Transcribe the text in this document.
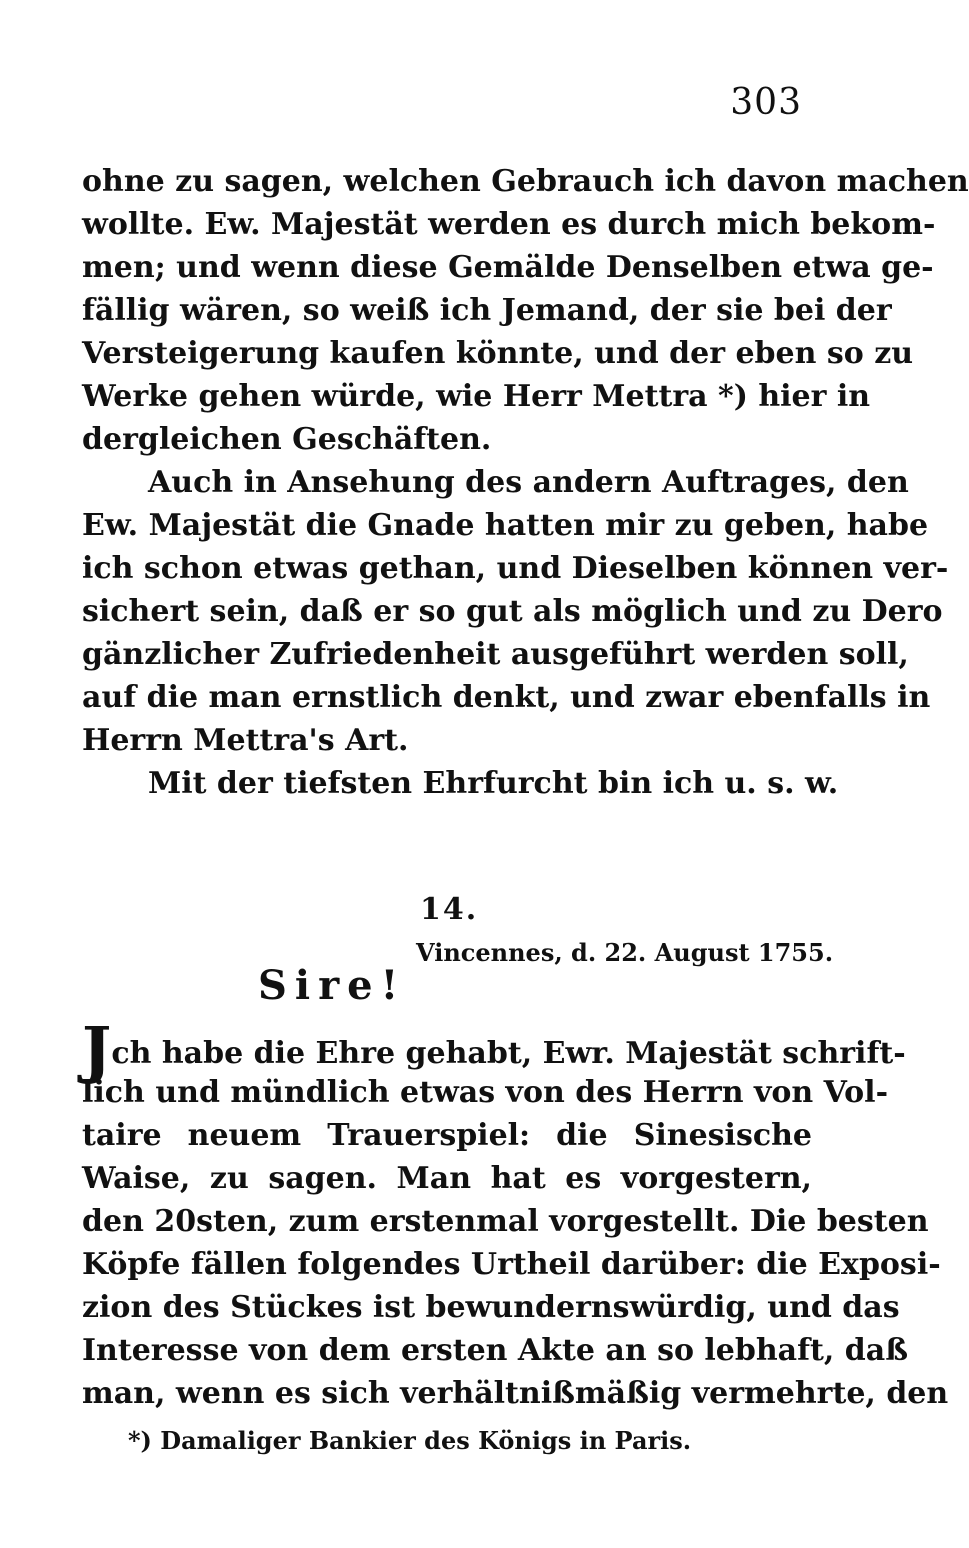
303
ohne zu sagen, welchen Gebrauch ich davon machen
wollte. Ew. Majestät werden es durch mich bekom-
men; und wenn diese Gemälde Denselben etwa ge-
fällig wären, so weiß ich Jemand, der sie bei der
Versteigerung kaufen könnte, und der eben so zu
Werke gehen würde, wie Herr Mettra *) hier in
dergleichen Geschäften.
Auch in Ansehung des andern Auftrages, den
Ew. Majestät die Gnade hatten mir zu geben, habe
ich schon etwas gethan, und Dieselben können ver-
sichert sein, daß er so gut als möglich und zu Dero
gänzlicher Zufriedenheit ausgeführt werden soll,
auf die man ernstlich denkt, und zwar ebenfalls in
Herrn Mettra's Art.
Mit der tiefsten Ehrfurcht bin ich u. s. w.
14.
Vincennes, d. 22. August 1755.
Sire!
Jch habe die Ehre gehabt, Ewr. Majestät schrift-
lich und mündlich etwas von des Herrn von Vol-
taire neuem Trauerspiel: die Sinesische
Waise, zu sagen. Man hat es vorgestern,
den 20sten, zum erstenmal vorgestellt. Die besten
Köpfe fällen folgendes Urtheil darüber: die Exposi-
zion des Stückes ist bewundernswürdig, und das
Interesse von dem ersten Akte an so lebhaft, daß
man, wenn es sich verhältnißmäßig vermehrte, den
*) Damaliger Bankier des Königs in Paris.
